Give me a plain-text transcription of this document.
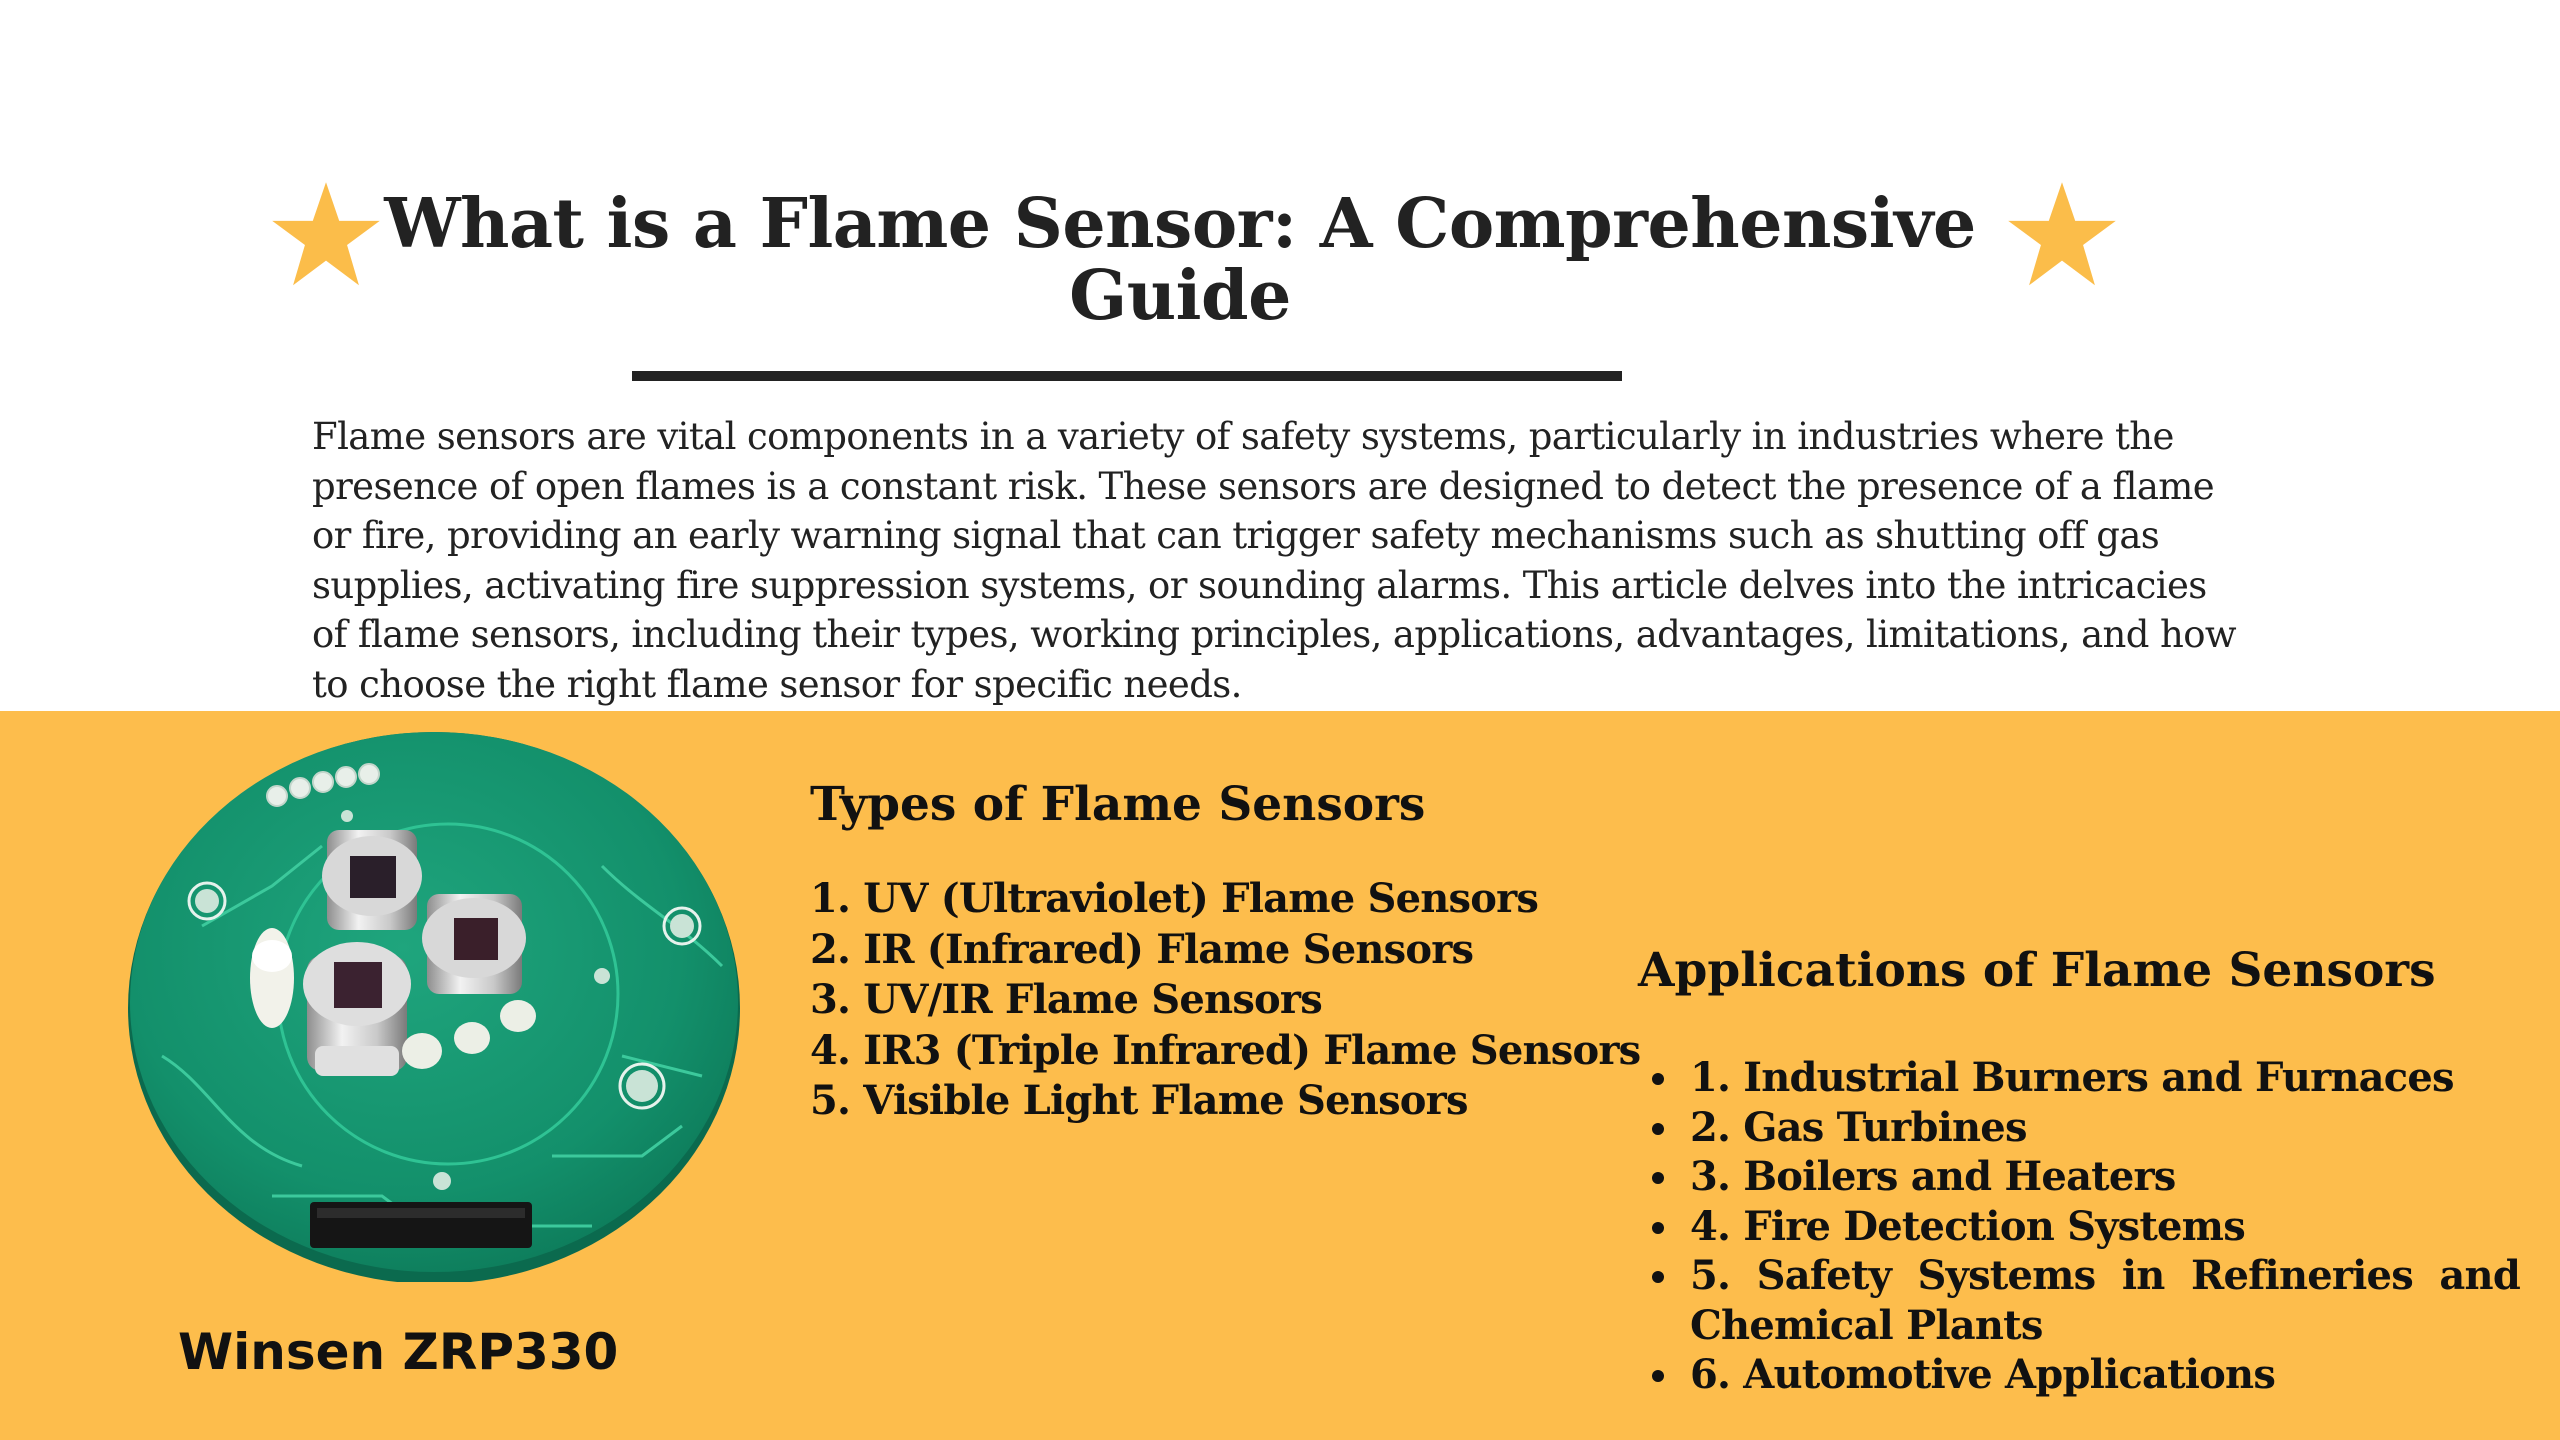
What is a Flame Sensor: A Comprehensive Guide

Flame sensors are vital components in a variety of safety systems, particularly in industries where the presence of open flames is a constant risk. These sensors are designed to detect the presence of a flame or fire, providing an early warning signal that can trigger safety mechanisms such as shutting off gas supplies, activating fire suppression systems, or sounding alarms. This article delves into the intricacies of flame sensors, including their types, working principles, applications, advantages, limitations, and how to choose the right flame sensor for specific needs.

Winsen ZRP330
Types of Flame Sensors
1. UV (Ultraviolet) Flame Sensors
2. IR (Infrared) Flame Sensors
3. UV/IR Flame Sensors
4. IR3 (Triple Infrared) Flame Sensors
5. Visible Light Flame Sensors
Applications of Flame Sensors
1. Industrial Burners and Furnaces
2. Gas Turbines
3. Boilers and Heaters
4. Fire Detection Systems
5. Safety Systems in Refineries and Chemical Plants
6. Automotive Applications
